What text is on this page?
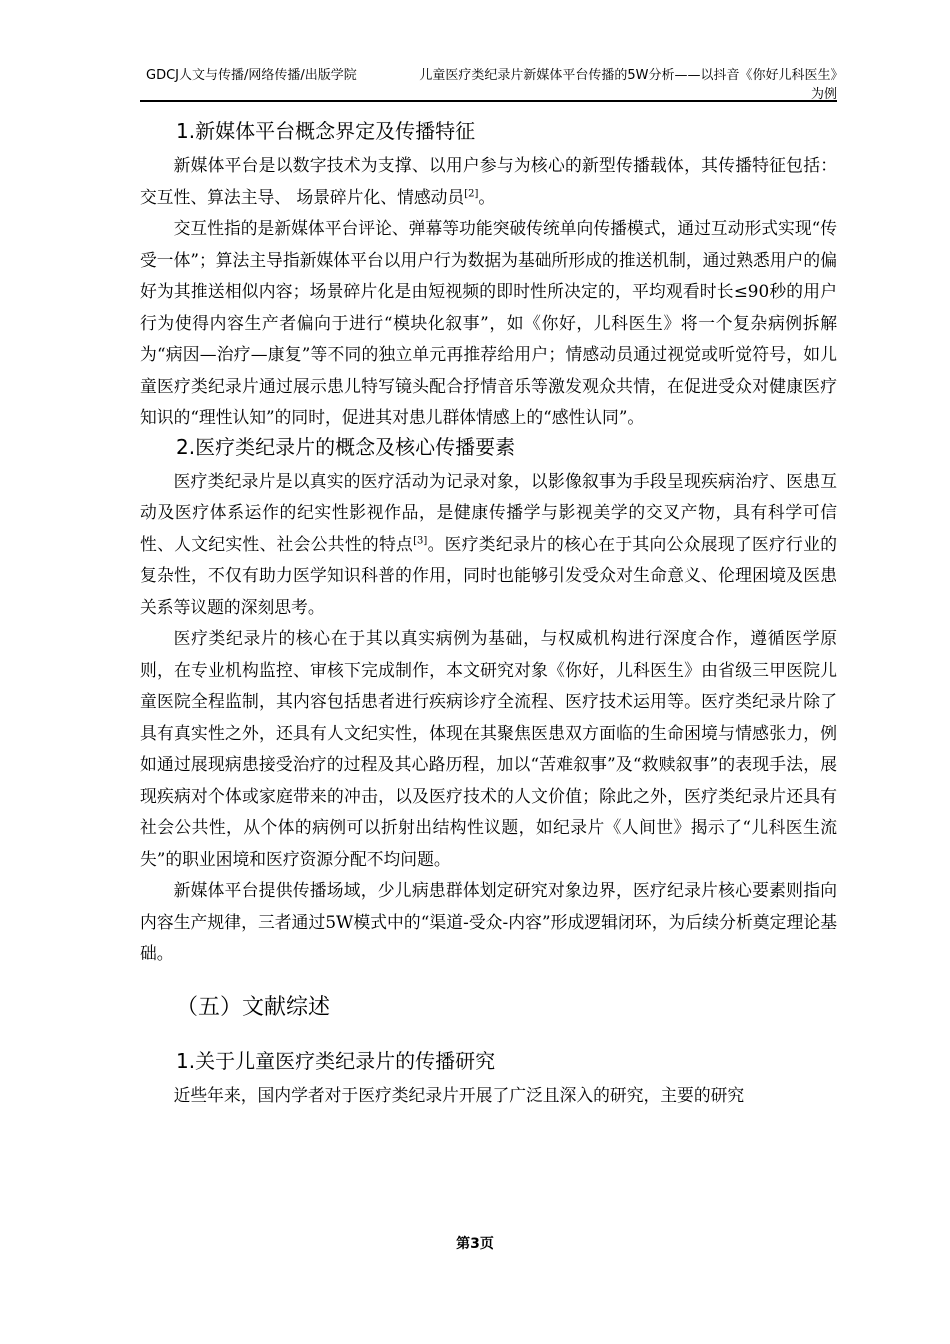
GDCJ人文与传播/网络传播/出版学院	儿童医疗类纪录片新媒体平台传播的5W分析——以抖音《你好儿科医生》为例
1.新媒体平台概念界定及传播特征

新媒体平台是以数字技术为支撑、以用户参与为核心的新型传播载体，其传播特征包括：交互性、算法主导、 场景碎片化、情感动员[2]。

交互性指的是新媒体平台评论、弹幕等功能突破传统单向传播模式，通过互动形式实现“传受一体”；算法主导指新媒体平台以用户行为数据为基础所形成的推送机制，通过熟悉用户的偏好为其推送相似内容；场景碎片化是由短视频的即时性所决定的，平均观看时长≤90秒的用户行为使得内容生产者偏向于进行“模块化叙事”，如《你好，儿科医生》将一个复杂病例拆解为“病因—治疗—康复”等不同的独立单元再推荐给用户；情感动员通过视觉或听觉符号，如儿童医疗类纪录片通过展示患儿特写镜头配合抒情音乐等激发观众共情，在促进受众对健康医疗知识的“理性认知”的同时，促进其对患儿群体情感上的“感性认同”。

2.医疗类纪录片的概念及核心传播要素

医疗类纪录片是以真实的医疗活动为记录对象，以影像叙事为手段呈现疾病治疗、医患互动及医疗体系运作的纪实性影视作品，是健康传播学与影视美学的交叉产物，具有科学可信性、人文纪实性、社会公共性的特点[3]。医疗类纪录片的核心在于其向公众展现了医疗行业的复杂性，不仅有助力医学知识科普的作用，同时也能够引发受众对生命意义、伦理困境及医患关系等议题的深刻思考。

医疗类纪录片的核心在于其以真实病例为基础，与权威机构进行深度合作，遵循医学原则，在专业机构监控、审核下完成制作，本文研究对象《你好，儿科医生》由省级三甲医院儿童医院全程监制，其内容包括患者进行疾病诊疗全流程、医疗技术运用等。医疗类纪录片除了具有真实性之外，还具有人文纪实性，体现在其聚焦医患双方面临的生命困境与情感张力，例如通过展现病患接受治疗的过程及其心路历程，加以“苦难叙事”及“救赎叙事”的表现手法，展现疾病对个体或家庭带来的冲击，以及医疗技术的人文价值；除此之外，医疗类纪录片还具有社会公共性，从个体的病例可以折射出结构性议题，如纪录片《人间世》揭示了“儿科医生流失”的职业困境和医疗资源分配不均问题。

新媒体平台提供传播场域，少儿病患群体划定研究对象边界，医疗纪录片核心要素则指向内容生产规律，三者通过5W模式中的“渠道-受众-内容”形成逻辑闭环，为后续分析奠定理论基础。

（五）文献综述
1.关于儿童医疗类纪录片的传播研究

近些年来，国内学者对于医疗类纪录片开展了广泛且深入的研究，主要的研究

第3页
